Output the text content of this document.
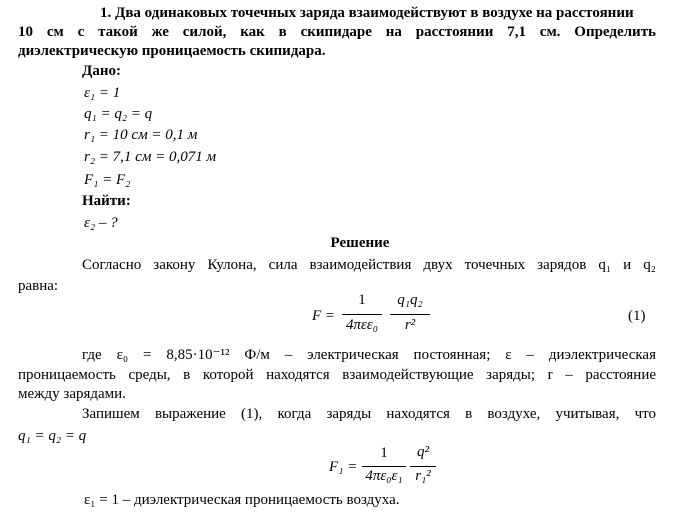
1. Два одинаковых точечных заряда взаимодействуют в воздухе на расстоянии
10 см с такой же силой, как в скипидаре на расстоянии 7,1 см. Определить
диэлектрическую проницаемость скипидара.
Дано:
ε₁ = 1
q₁ = q₂ = q
r₁ = 10 см = 0,1 м
r₂ = 7,1 см = 0,071 м
F₁ = F₂
Найти:
ε₂ – ?
Решение
Согласно закону Кулона, сила взаимодействия двух точечных зарядов q₁ и q₂
равна:
F =
1
4πεε₀
q₁q₂
r²
(1)
где ε₀ = 8,85·10⁻¹² Ф/м – электрическая постоянная; ε – диэлектрическая
проницаемость среды, в которой находятся взаимодействующие заряды; r – расстояние
между зарядами.
Запишем выражение (1), когда заряды находятся в воздухе, учитывая, что
q₁ = q₂ = q
F₁ =
1
4πε₀ε₁
q²
r₁²
ε₁ = 1 – диэлектрическая проницаемость воздуха.
